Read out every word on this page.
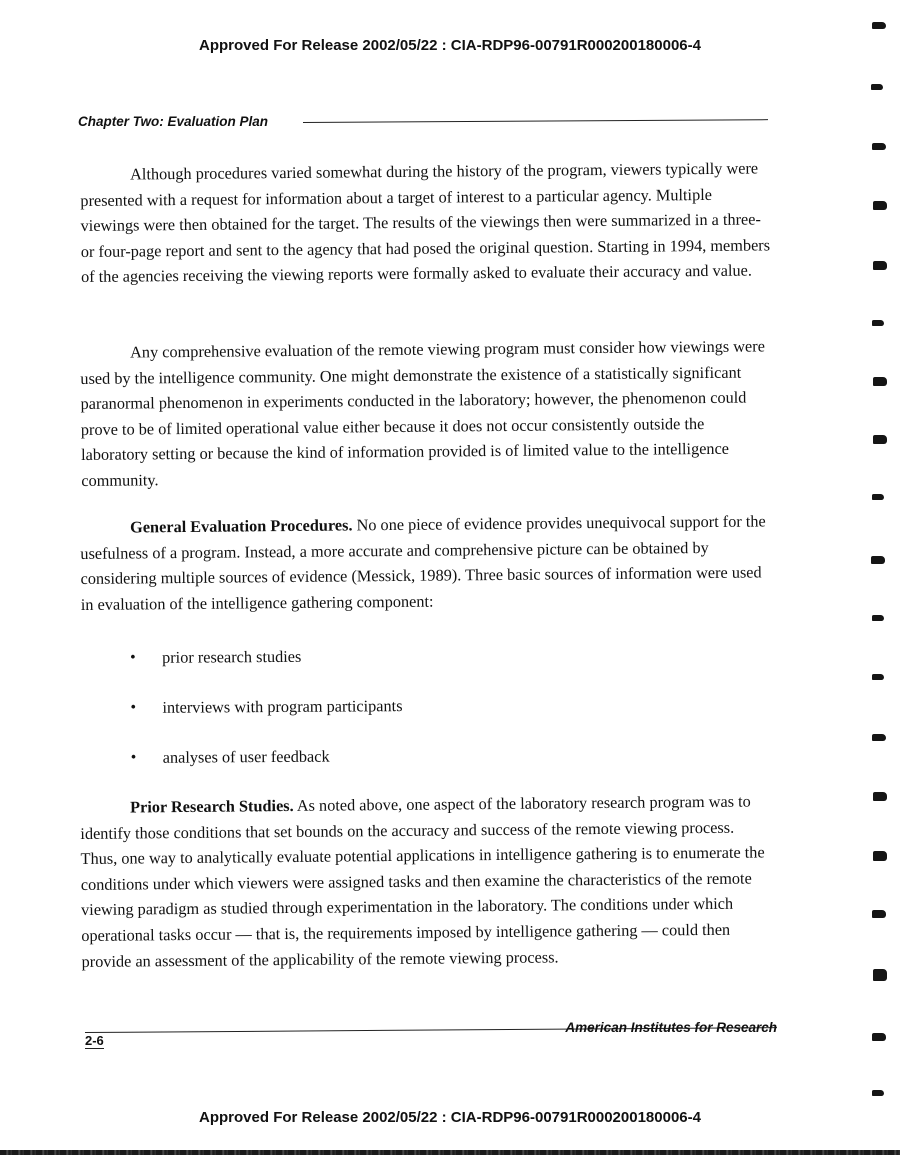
Approved For Release 2002/05/22 : CIA-RDP96-00791R000200180006-4
Chapter Two: Evaluation Plan

Although procedures varied somewhat during the history of the program, viewers typically were presented with a request for information about a target of interest to a particular agency. Multiple viewings were then obtained for the target. The results of the viewings then were summarized in a three- or four-page report and sent to the agency that had posed the original question. Starting in 1994, members of the agencies receiving the viewing reports were formally asked to evaluate their accuracy and value.

Any comprehensive evaluation of the remote viewing program must consider how viewings were used by the intelligence community. One might demonstrate the existence of a statistically significant paranormal phenomenon in experiments conducted in the laboratory; however, the phenomenon could prove to be of limited operational value either because it does not occur consistently outside the laboratory setting or because the kind of information provided is of limited value to the intelligence community.

General Evaluation Procedures. No one piece of evidence provides unequivocal support for the usefulness of a program. Instead, a more accurate and comprehensive picture can be obtained by considering multiple sources of evidence (Messick, 1989). Three basic sources of information were used in evaluation of the intelligence gathering component:

• prior research studies
• interviews with program participants
• analyses of user feedback

Prior Research Studies. As noted above, one aspect of the laboratory research program was to identify those conditions that set bounds on the accuracy and success of the remote viewing process. Thus, one way to analytically evaluate potential applications in intelligence gathering is to enumerate the conditions under which viewers were assigned tasks and then examine the characteristics of the remote viewing paradigm as studied through experimentation in the laboratory. The conditions under which operational tasks occur — that is, the requirements imposed by intelligence gathering — could then provide an assessment of the applicability of the remote viewing process.

2-6
American Institutes for Research
Approved For Release 2002/05/22 : CIA-RDP96-00791R000200180006-4
